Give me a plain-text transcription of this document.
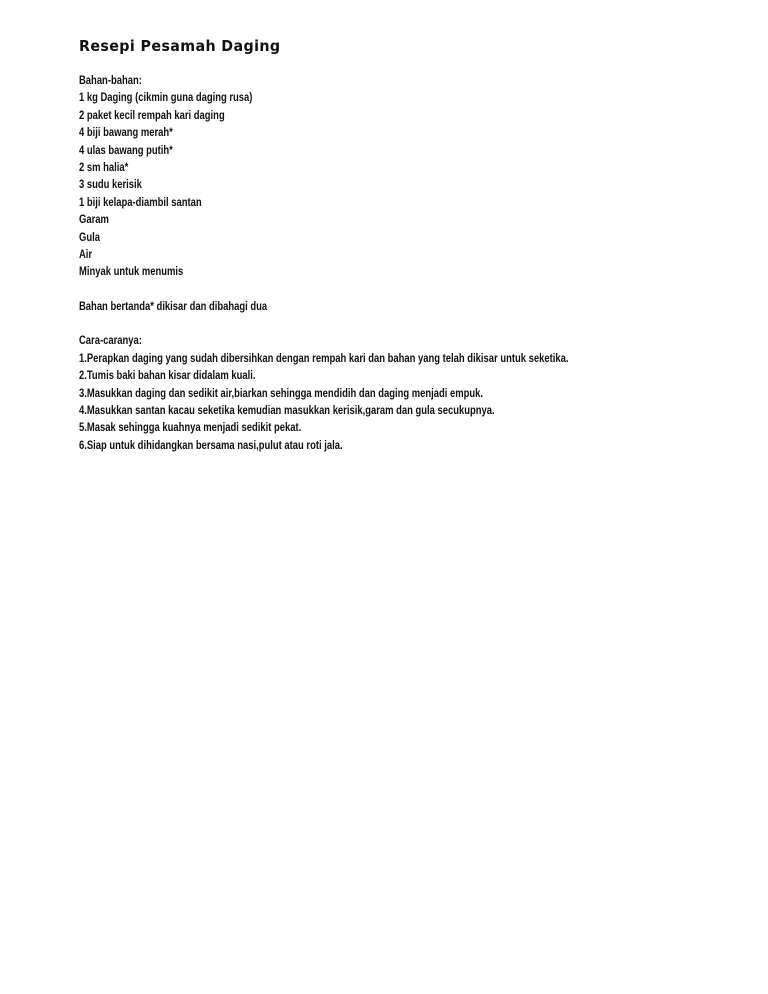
Resepi Pesamah Daging
Bahan-bahan:
1 kg Daging (cikmin guna daging rusa)
2 paket kecil rempah kari daging
4 biji bawang merah*
4 ulas bawang putih*
2 sm halia*
3 sudu kerisik
1 biji kelapa-diambil santan
Garam
Gula
Air
Minyak untuk menumis
Bahan bertanda* dikisar dan dibahagi dua
Cara-caranya:
1.Perapkan daging yang sudah dibersihkan dengan rempah kari dan bahan yang telah dikisar untuk seketika.
2.Tumis baki bahan kisar didalam kuali.
3.Masukkan daging dan sedikit air,biarkan sehingga mendidih dan daging menjadi empuk.
4.Masukkan santan kacau seketika kemudian masukkan kerisik,garam dan gula secukupnya.
5.Masak sehingga kuahnya menjadi sedikit pekat.
6.Siap untuk dihidangkan bersama nasi,pulut atau roti jala.
